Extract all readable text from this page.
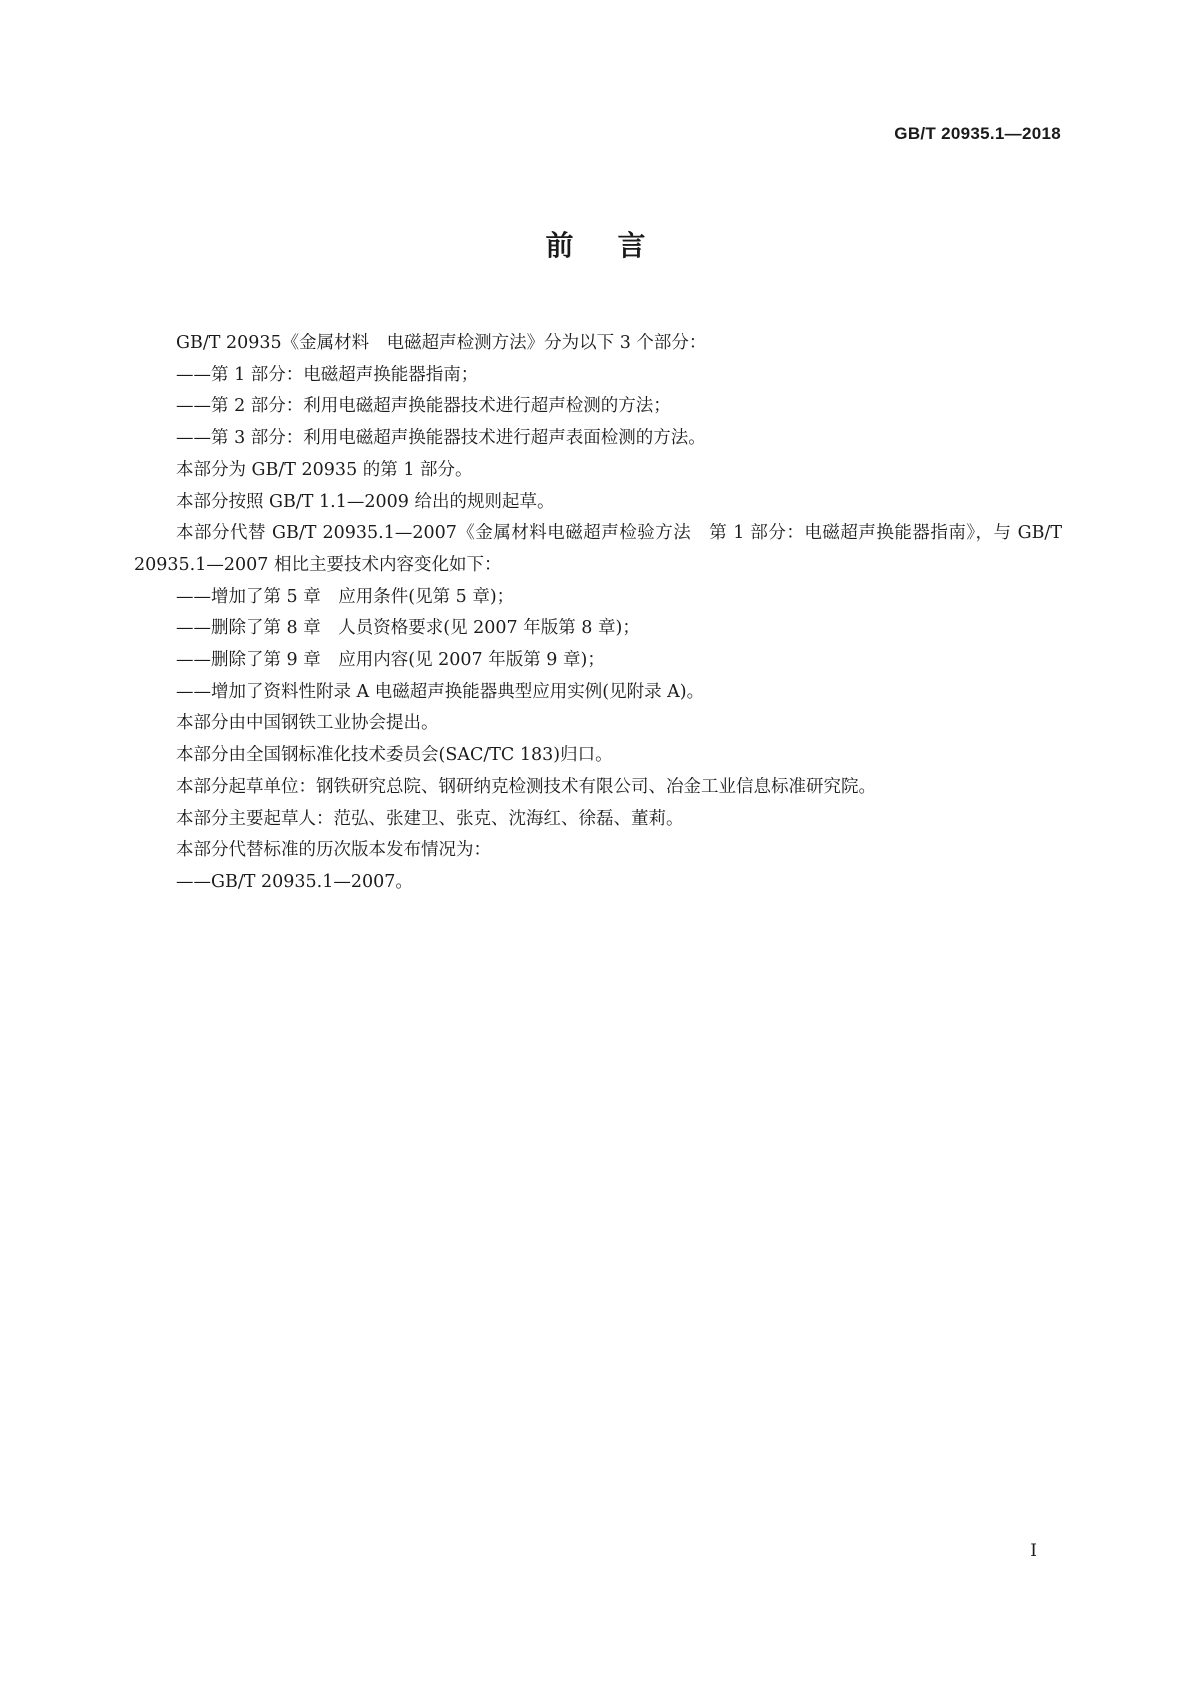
GB/T 20935.1—2018
前言

GB/T 20935《金属材料　电磁超声检测方法》分为以下 3 个部分：

——第 1 部分：电磁超声换能器指南；

——第 2 部分：利用电磁超声换能器技术进行超声检测的方法；

——第 3 部分：利用电磁超声换能器技术进行超声表面检测的方法。

本部分为 GB/T 20935 的第 1 部分。

本部分按照 GB/T 1.1—2009 给出的规则起草。

本部分代替 GB/T 20935.1—2007《金属材料电磁超声检验方法　第 1 部分：电磁超声换能器指南》，与 GB/T 20935.1—2007 相比主要技术内容变化如下：

——增加了第 5 章　应用条件(见第 5 章)；

——删除了第 8 章　人员资格要求(见 2007 年版第 8 章)；

——删除了第 9 章　应用内容(见 2007 年版第 9 章)；

——增加了资料性附录 A 电磁超声换能器典型应用实例(见附录 A)。

本部分由中国钢铁工业协会提出。

本部分由全国钢标准化技术委员会(SAC/TC 183)归口。

本部分起草单位：钢铁研究总院、钢研纳克检测技术有限公司、冶金工业信息标准研究院。

本部分主要起草人：范弘、张建卫、张克、沈海红、徐磊、董莉。

本部分代替标准的历次版本发布情况为：

——GB/T 20935.1—2007。

I
